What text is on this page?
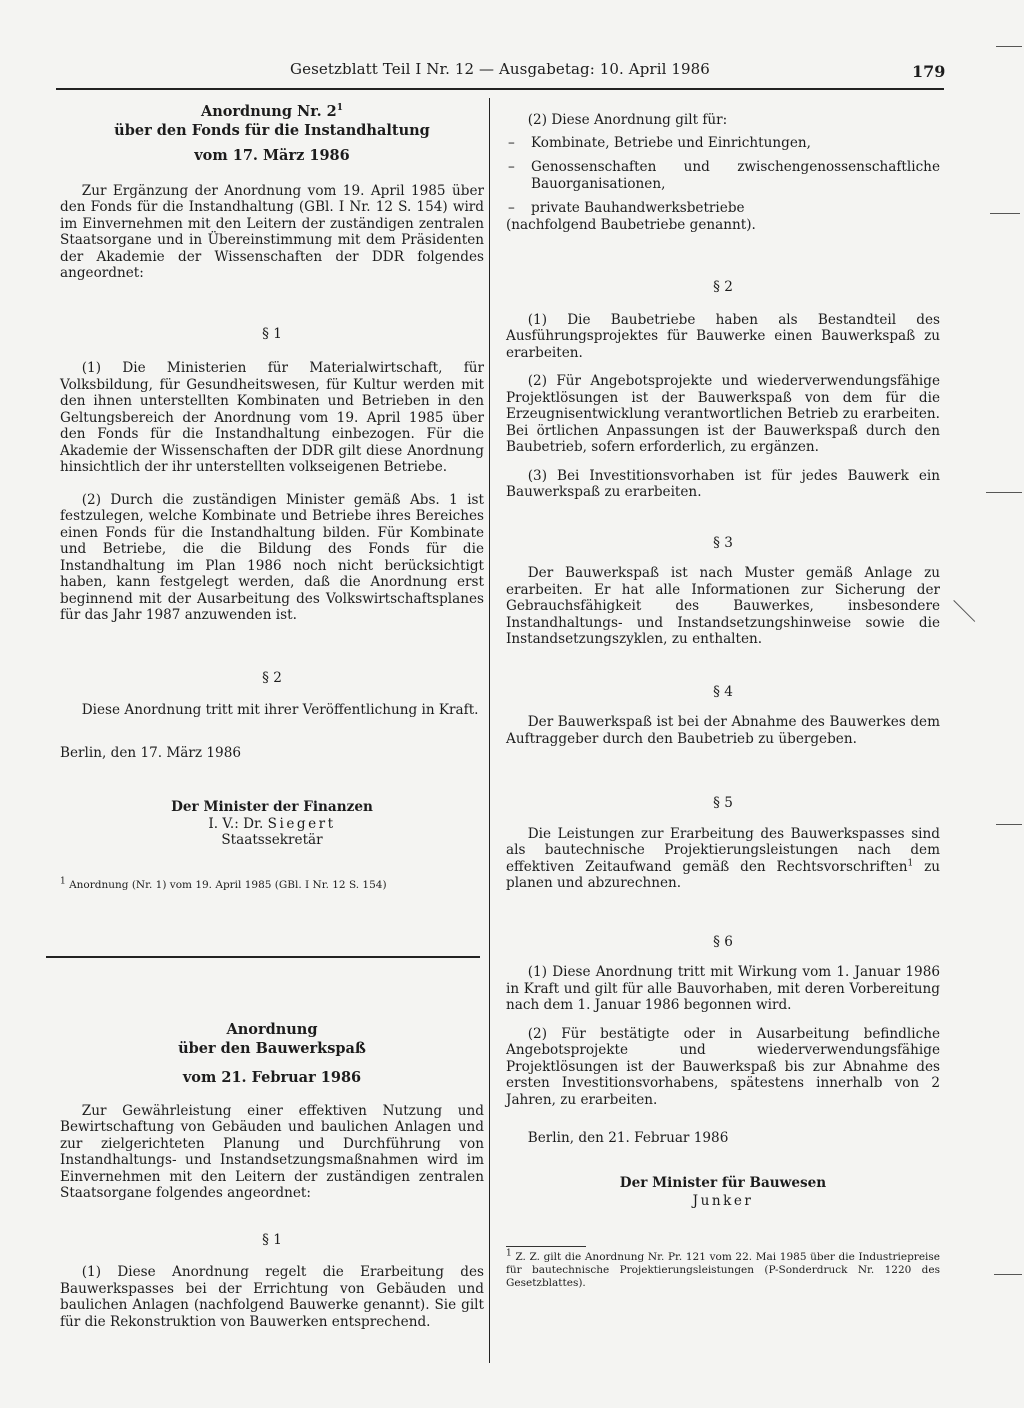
Gesetzblatt Teil I Nr. 12 — Ausgabetag: 10. April 1986	179
Anordnung Nr. $2^1$
über den Fonds für die Instandhaltung
vom 17. März 1986
Zur Ergänzung der Anordnung vom 19. April 1985 über den Fonds für die Instandhaltung (GBl. I Nr. 12 S. 154) wird im Einvernehmen mit den Leitern der zuständigen zentralen Staatsorgane und in Übereinstimmung mit dem Präsidenten der Akademie der Wissenschaften der DDR folgendes angeordnet:
§ 1
(1) Die Ministerien für Materialwirtschaft, für Volksbildung, für Gesundheitswesen, für Kultur werden mit den ihnen unterstellten Kombinaten und Betrieben in den Geltungsbereich der Anordnung vom 19. April 1985 über den Fonds für die Instandhaltung einbezogen. Für die Akademie der Wissenschaften der DDR gilt diese Anordnung hinsichtlich der ihr unterstellten volkseigenen Betriebe.
(2) Durch die zuständigen Minister gemäß Abs. 1 ist festzulegen, welche Kombinate und Betriebe ihres Bereiches einen Fonds für die Instandhaltung bilden. Für Kombinate und Betriebe, die die Bildung des Fonds für die Instandhaltung im Plan 1986 noch nicht berücksichtigt haben, kann festgelegt werden, daß die Anordnung erst beginnend mit der Ausarbeitung des Volkswirtschaftsplanes für das Jahr 1987 anzuwenden ist.
§ 2
Diese Anordnung tritt mit ihrer Veröffentlichung in Kraft.
Berlin, den 17. März 1986
Der Minister der Finanzen
I. V.: Dr. Siegert
Staatssekretär
$^1$ Anordnung (Nr. 1) vom 19. April 1985 (GBl. I Nr. 12 S. 154)
Anordnung
über den Bauwerkspaß
vom 21. Februar 1986
Zur Gewährleistung einer effektiven Nutzung und Bewirtschaftung von Gebäuden und baulichen Anlagen und zur zielgerichteten Planung und Durchführung von Instandhaltungs- und Instandsetzungsmaßnahmen wird im Einvernehmen mit den Leitern der zuständigen zentralen Staatsorgane folgendes angeordnet:
§ 1
(1) Diese Anordnung regelt die Erarbeitung des Bauwerkspasses bei der Errichtung von Gebäuden und baulichen Anlagen (nachfolgend Bauwerke genannt). Sie gilt für die Rekonstruktion von Bauwerken entsprechend.
(2) Diese Anordnung gilt für:
– Kombinate, Betriebe und Einrichtungen,
– Genossenschaften und zwischengenossenschaftliche Bauorganisationen,
– private Bauhandwerksbetriebe
(nachfolgend Baubetriebe genannt).
§ 2
(1) Die Baubetriebe haben als Bestandteil des Ausführungsprojektes für Bauwerke einen Bauwerkspaß zu erarbeiten.
(2) Für Angebotsprojekte und wiederverwendungsfähige Projektlösungen ist der Bauwerkspaß von dem für die Erzeugnisentwicklung verantwortlichen Betrieb zu erarbeiten. Bei örtlichen Anpassungen ist der Bauwerkspaß durch den Baubetrieb, sofern erforderlich, zu ergänzen.
(3) Bei Investitionsvorhaben ist für jedes Bauwerk ein Bauwerkspaß zu erarbeiten.
§ 3
Der Bauwerkspaß ist nach Muster gemäß Anlage zu erarbeiten. Er hat alle Informationen zur Sicherung der Gebrauchsfähigkeit des Bauwerkes, insbesondere Instandhaltungs- und Instandsetzungshinweise sowie die Instandsetzungszyklen, zu enthalten.
§ 4
Der Bauwerkspaß ist bei der Abnahme des Bauwerkes dem Auftraggeber durch den Baubetrieb zu übergeben.
§ 5
Die Leistungen zur Erarbeitung des Bauwerkspasses sind als bautechnische Projektierungsleistungen nach dem effektiven Zeitaufwand gemäß den Rechtsvorschriften$^1$ zu planen und abzurechnen.
§ 6
(1) Diese Anordnung tritt mit Wirkung vom 1. Januar 1986 in Kraft und gilt für alle Bauvorhaben, mit deren Vorbereitung nach dem 1. Januar 1986 begonnen wird.
(2) Für bestätigte oder in Ausarbeitung befindliche Angebotsprojekte und wiederverwendungsfähige Projektlösungen ist der Bauwerkspaß bis zur Abnahme des ersten Investitionsvorhabens, spätestens innerhalb von 2 Jahren, zu erarbeiten.
Berlin, den 21. Februar 1986
Der Minister für Bauwesen
Junker
$^1$ Z. Z. gilt die Anordnung Nr. Pr. 121 vom 22. Mai 1985 über die Industriepreise für bautechnische Projektierungsleistungen (P-Sonderdruck Nr. 1220 des Gesetzblattes).
